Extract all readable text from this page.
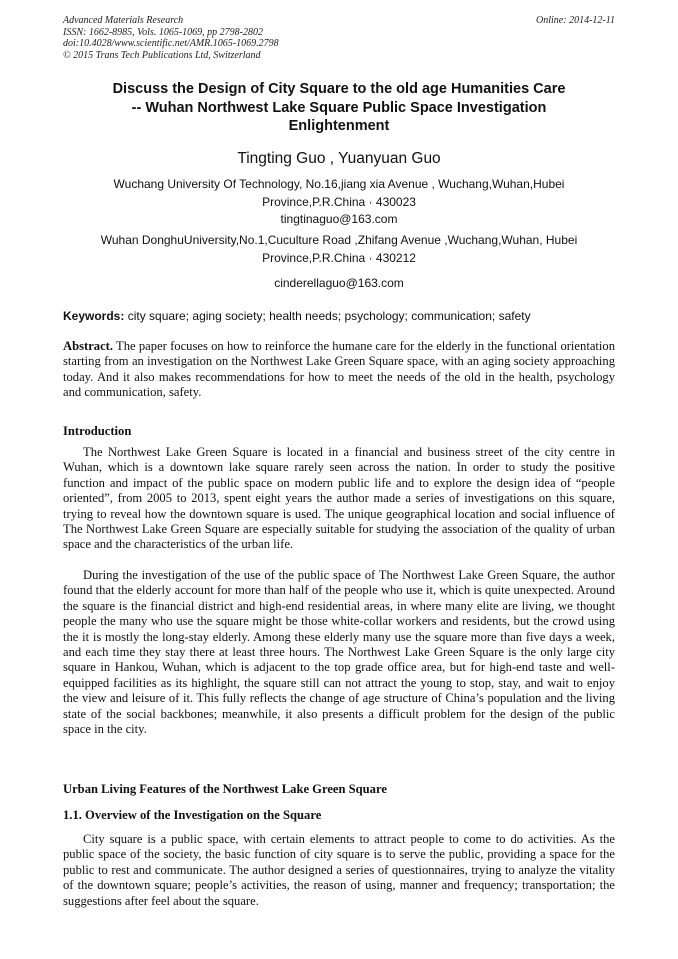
Advanced Materials Research
ISSN: 1662-8985, Vols. 1065-1069, pp 2798-2802
doi:10.4028/www.scientific.net/AMR.1065-1069.2798
© 2015 Trans Tech Publications Ltd, Switzerland
Online: 2014-12-11
Discuss the Design of City Square to the old age Humanities Care
-- Wuhan Northwest Lake Square Public Space Investigation
Enlightenment
Tingting Guo , Yuanyuan Guo
Wuchang University Of Technology, No.16,jiang xia Avenue , Wuchang,Wuhan,Hubei Province,P.R.China · 430023
tingtinaguo@163.com
Wuhan DonghuUniversity,No.1,Cuculture Road ,Zhifang Avenue ,Wuchang,Wuhan, Hubei Province,P.R.China · 430212
cinderellaguo@163.com
Keywords: city square; aging society; health needs; psychology; communication; safety

Abstract. The paper focuses on how to reinforce the humane care for the elderly in the functional orientation starting from an investigation on the Northwest Lake Green Square space, with an aging society approaching today. And it also makes recommendations for how to meet the needs of the old in the health, psychology and communication, safety.

Introduction

The Northwest Lake Green Square is located in a financial and business street of the city centre in Wuhan, which is a downtown lake square rarely seen across the nation. In order to study the positive function and impact of the public space on modern public life and to explore the design idea of “people oriented”, from 2005 to 2013, spent eight years the author made a series of investigations on this square, trying to reveal how the downtown square is used. The unique geographical location and social influence of The Northwest Lake Green Square are especially suitable for studying the association of the quality of urban space and the characteristics of the urban life.

During the investigation of the use of the public space of The Northwest Lake Green Square, the author found that the elderly account for more than half of the people who use it, which is quite unexpected. Around the square is the financial district and high-end residential areas, in where many elite are living, we thought people the many who use the square might be those white-collar workers and residents, but the crowd using the it is mostly the long-stay elderly. Among these elderly many use the square more than five days a week, and each time they stay there at least three hours. The Northwest Lake Green Square is the only large city square in Hankou, Wuhan, which is adjacent to the top grade office area, but for high-end taste and well-equipped facilities as its highlight, the square still can not attract the young to stop, stay, and wait to enjoy the view and leisure of it. This fully reflects the change of age structure of China’s population and the living state of the social backbones; meanwhile, it also presents a difficult problem for the design of the public space in the city.

Urban Living Features of the Northwest Lake Green Square
1.1. Overview of the Investigation on the Square

City square is a public space, with certain elements to attract people to come to do activities. As the public space of the society, the basic function of city square is to serve the public, providing a space for the public to rest and communicate. The author designed a series of questionnaires, trying to analyze the vitality of the downtown square; people’s activities, the reason of using, manner and frequency; transportation; the suggestions after feel about the square.
